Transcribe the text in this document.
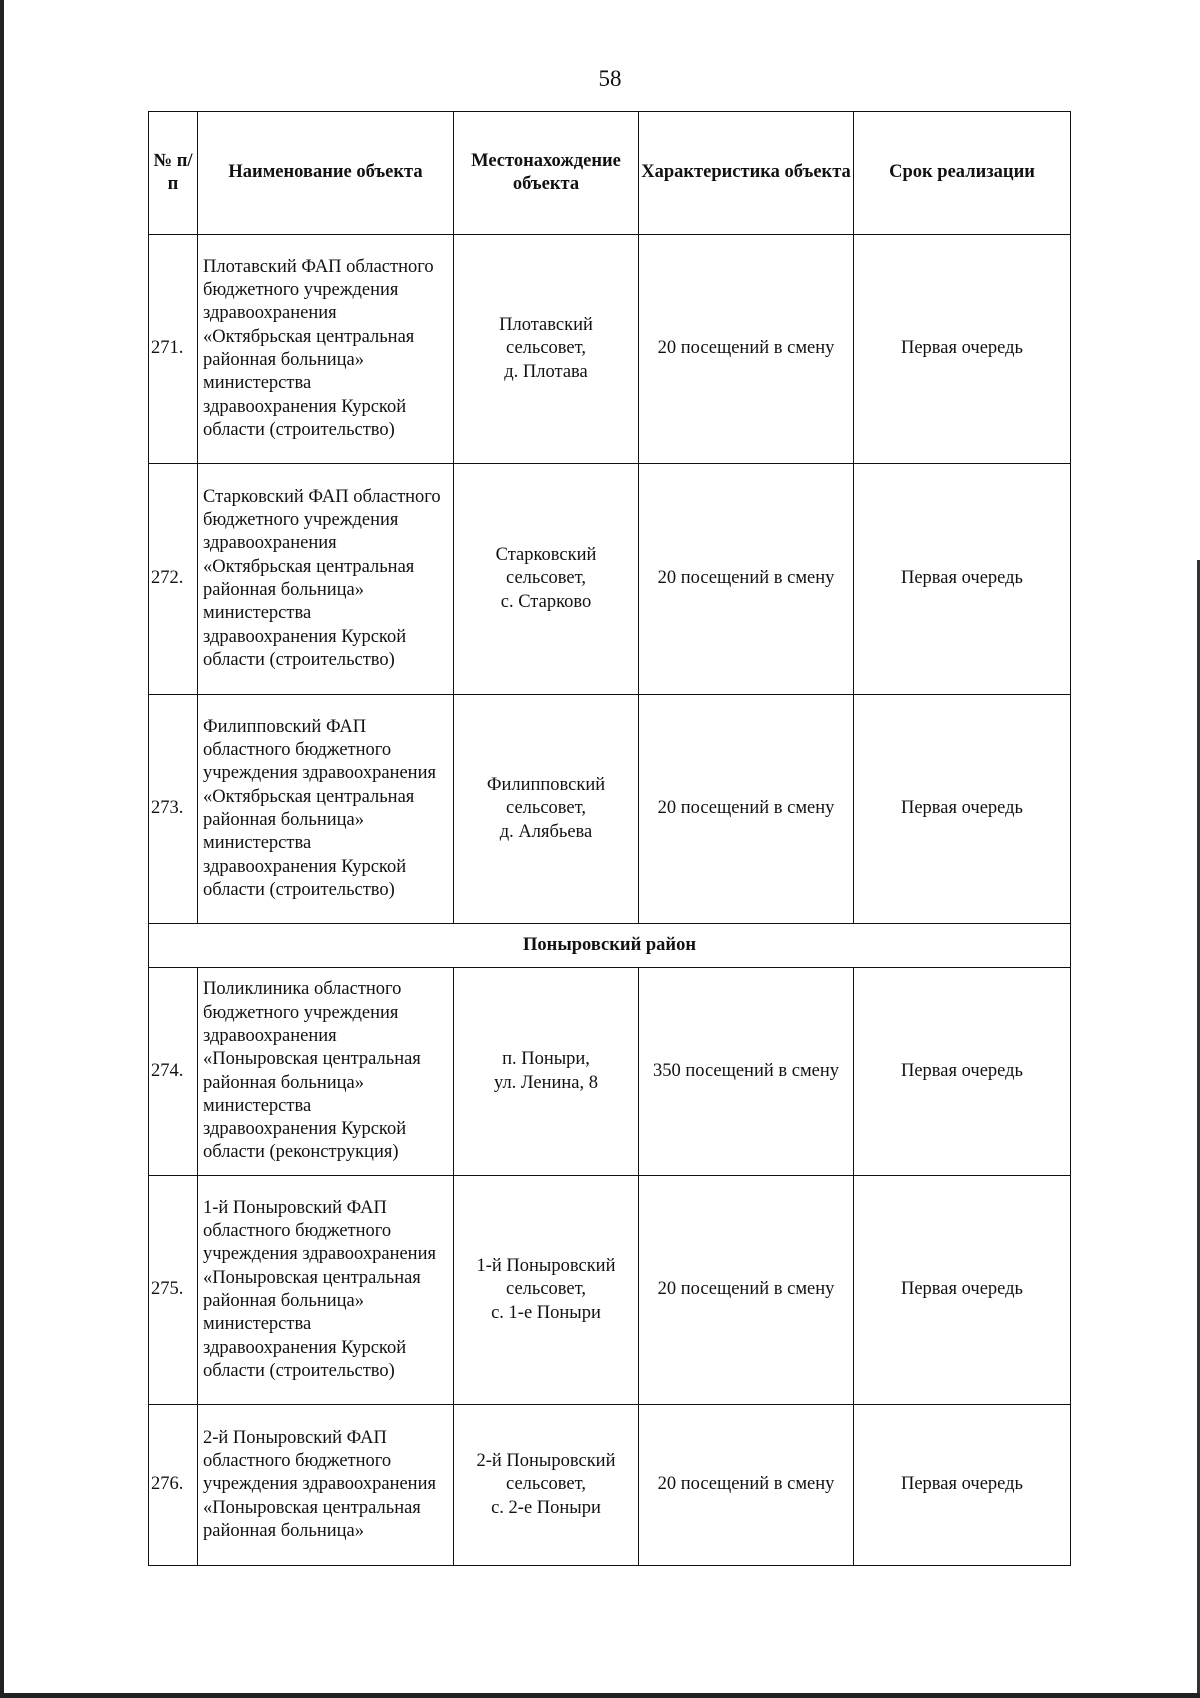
58
№ п/п	Наименование объекта	Местонахождение объекта	Характеристика объекта	Срок реализации
271.	Плотавский ФАП областного бюджетного учреждения здравоохранения «Октябрьская центральная районная больница» министерства здравоохранения Курской области (строительство)	Плотавский
сельсовет,
д. Плотава	20 посещений в смену	Первая очередь
272.	Старковский ФАП областного бюджетного учреждения здравоохранения «Октябрьская центральная районная больница» министерства здравоохранения Курской области (строительство)	Старковский
сельсовет,
с. Старково	20 посещений в смену	Первая очередь
273.	Филипповский ФАП областного бюджетного учреждения здравоохранения «Октябрьская центральная районная больница» министерства здравоохранения Курской области (строительство)	Филипповский
сельсовет,
д. Алябьева	20 посещений в смену	Первая очередь
Поныровский район				
274.	Поликлиника областного бюджетного учреждения здравоохранения «Поныровская центральная районная больница» министерства здравоохранения Курской области (реконструкция)	п. Поныри,
ул. Ленина, 8	350 посещений в смену	Первая очередь
275.	1-й Поныровский ФАП областного бюджетного учреждения здравоохранения «Поныровская центральная районная больница» министерства здравоохранения Курской области (строительство)	1-й Поныровский
сельсовет,
с. 1-е Поныри	20 посещений в смену	Первая очередь
276.	2-й Поныровский ФАП областного бюджетного учреждения здравоохранения «Поныровская центральная районная больница»	2-й Поныровский
сельсовет,
с. 2-е Поныри	20 посещений в смену	Первая очередь
